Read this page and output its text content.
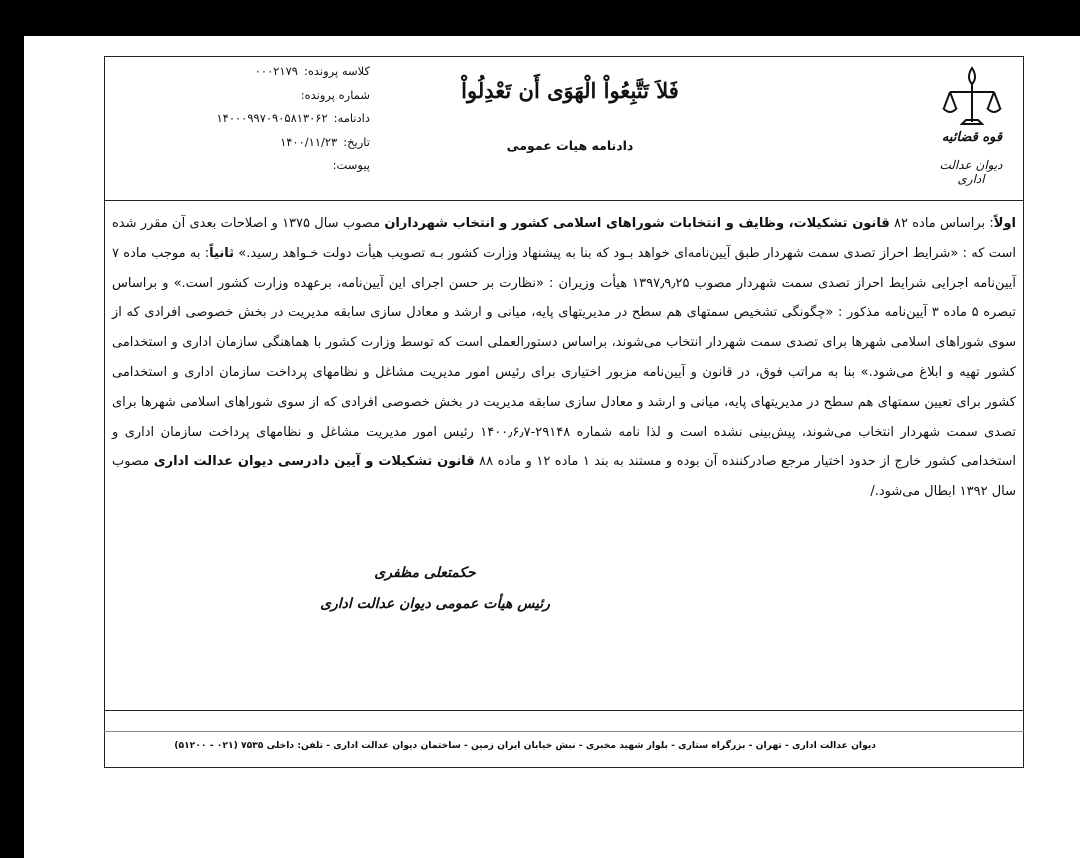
کلاسه پرونده:
۰۰۰۲۱۷۹
شماره پرونده:
دادنامه:
۱۴۰۰۰۹۹۷۰۹۰۵۸۱۳۰۶۲
تاریخ:
۱۴۰۰/۱۱/۲۳
پیوست:
فَلاَ تَتَّبِعُواْ الْهَوَى أَن تَعْدِلُواْ
دادنامه هیات عمومی
قوه قضائیه
دیوان عدالت اداری
اولاً: براساس ماده ۸۲ قانون تشکیلات، وظایف و انتخابات شوراهای اسلامی کشور و انتخاب شهرداران مصوب سال ۱۳۷۵ و اصلاحات بعدی آن مقرر شده است که : «شرایط احراز تصدی سمت شهردار طبق آیین‌نامه‌ای خواهد بـود که بنا به پیشنهاد وزارت کشور بـه تصویب هیأت دولت خـواهد رسید.» ثانیاً: به موجب ماده ۷ آیین‌نامه اجرایی شرایط احراز تصدی سمت شهردار مصوب ۱۳۹۷٫۹٫۲۵ هیأت وزیران : «نظارت بر حسن اجرای این آیین‌نامه، برعهده وزارت کشور است.» و براساس تبصره ۵ ماده ۳ آیین‌نامه مذکور : «چگونگی تشخیص سمتهای هم سطح در مدیریتهای پایه، میانی و ارشد و معادل سازی سابقه مدیریت در بخش خصوصی افرادی که از سوی شوراهای اسلامی شهرها برای تصدی سمت شهردار انتخاب می‌شوند، براساس دستورالعملی است که توسط وزارت کشور با هماهنگی سازمان اداری و استخدامی کشور تهیه و ابلاغ می‌شود.» بنا به مراتب فوق، در قانون و آیین‌نامه مزبور اختیاری برای رئیس امور مدیریت مشاغل و نظامهای پرداخت سازمان اداری و استخدامی کشور برای تعیین سمتهای هم سطح در مدیریتهای پایه، میانی و ارشد و معادل سازی سابقه مدیریت در بخش خصوصی افرادی که از سوی شوراهای اسلامی شهرها برای تصدی سمت شهردار انتخاب می‌شوند، پیش‌بینی نشده است و لذا نامه شماره ۲۹۱۴۸-۱۴۰۰٫۶٫۷ رئیس امور مدیریت مشاغل و نظامهای پرداخت سازمان اداری و استخدامی کشور خارج از حدود اختیار مرجع صادرکننده آن بوده و مستند به بند ۱ ماده ۱۲ و ماده ۸۸ قانون تشکیلات و آیین دادرسی دیوان عدالت اداری مصوب سال ۱۳۹۲ ابطال می‌شود./
حکمتعلی مظفری
رئیس هیأت عمومی دیوان عدالت اداری
دیوان عدالت اداری - تهران - بزرگراه ستاری - بلوار شهید مخبری - نبش خیابان ایران زمین - ساختمان دیوان عدالت اداری - تلفن: داخلی ۷۵۳۵ (۰۲۱ - ۵۱۲۰۰)
